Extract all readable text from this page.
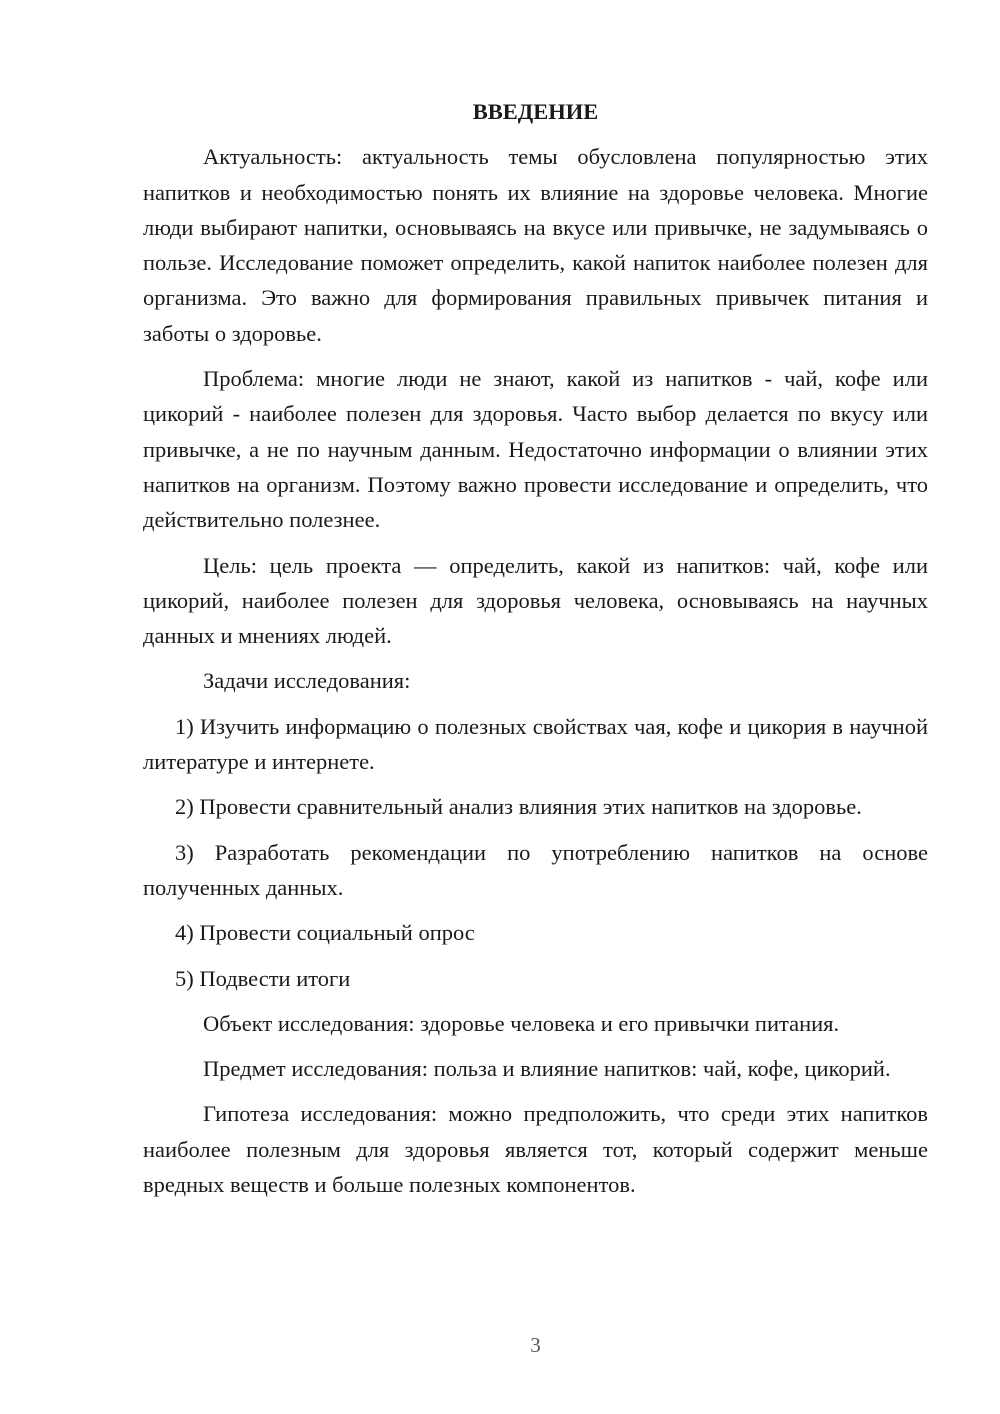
ВВЕДЕНИЕ

Актуальность: актуальность темы обусловлена популярностью этих напитков и необходимостью понять их влияние на здоровье человека. Многие люди выбирают напитки, основываясь на вкусе или привычке, не задумываясь о пользе. Исследование поможет определить, какой напиток наиболее полезен для организма. Это важно для формирования правильных привычек питания и заботы о здоровье.

Проблема: многие люди не знают, какой из напитков - чай, кофе или цикорий - наиболее полезен для здоровья. Часто выбор делается по вкусу или привычке, а не по научным данным. Недостаточно информации о влиянии этих напитков на организм. Поэтому важно провести исследование и определить, что действительно полезнее.

Цель: цель проекта — определить, какой из напитков: чай, кофе или цикорий, наиболее полезен для здоровья человека, основываясь на научных данных и мнениях людей.

Задачи исследования:

1) Изучить информацию о полезных свойствах чая, кофе и цикория в научной литературе и интернете.

2) Провести сравнительный анализ влияния этих напитков на здоровье.

3) Разработать рекомендации по употреблению напитков на основе полученных данных.

4) Провести социальный опрос

5) Подвести итоги

Объект исследования: здоровье человека и его привычки питания.

Предмет исследования: польза и влияние напитков: чай, кофе, цикорий.

Гипотеза исследования: можно предположить, что среди этих напитков наиболее полезным для здоровья является тот, который содержит меньше вредных веществ и больше полезных компонентов.

3
